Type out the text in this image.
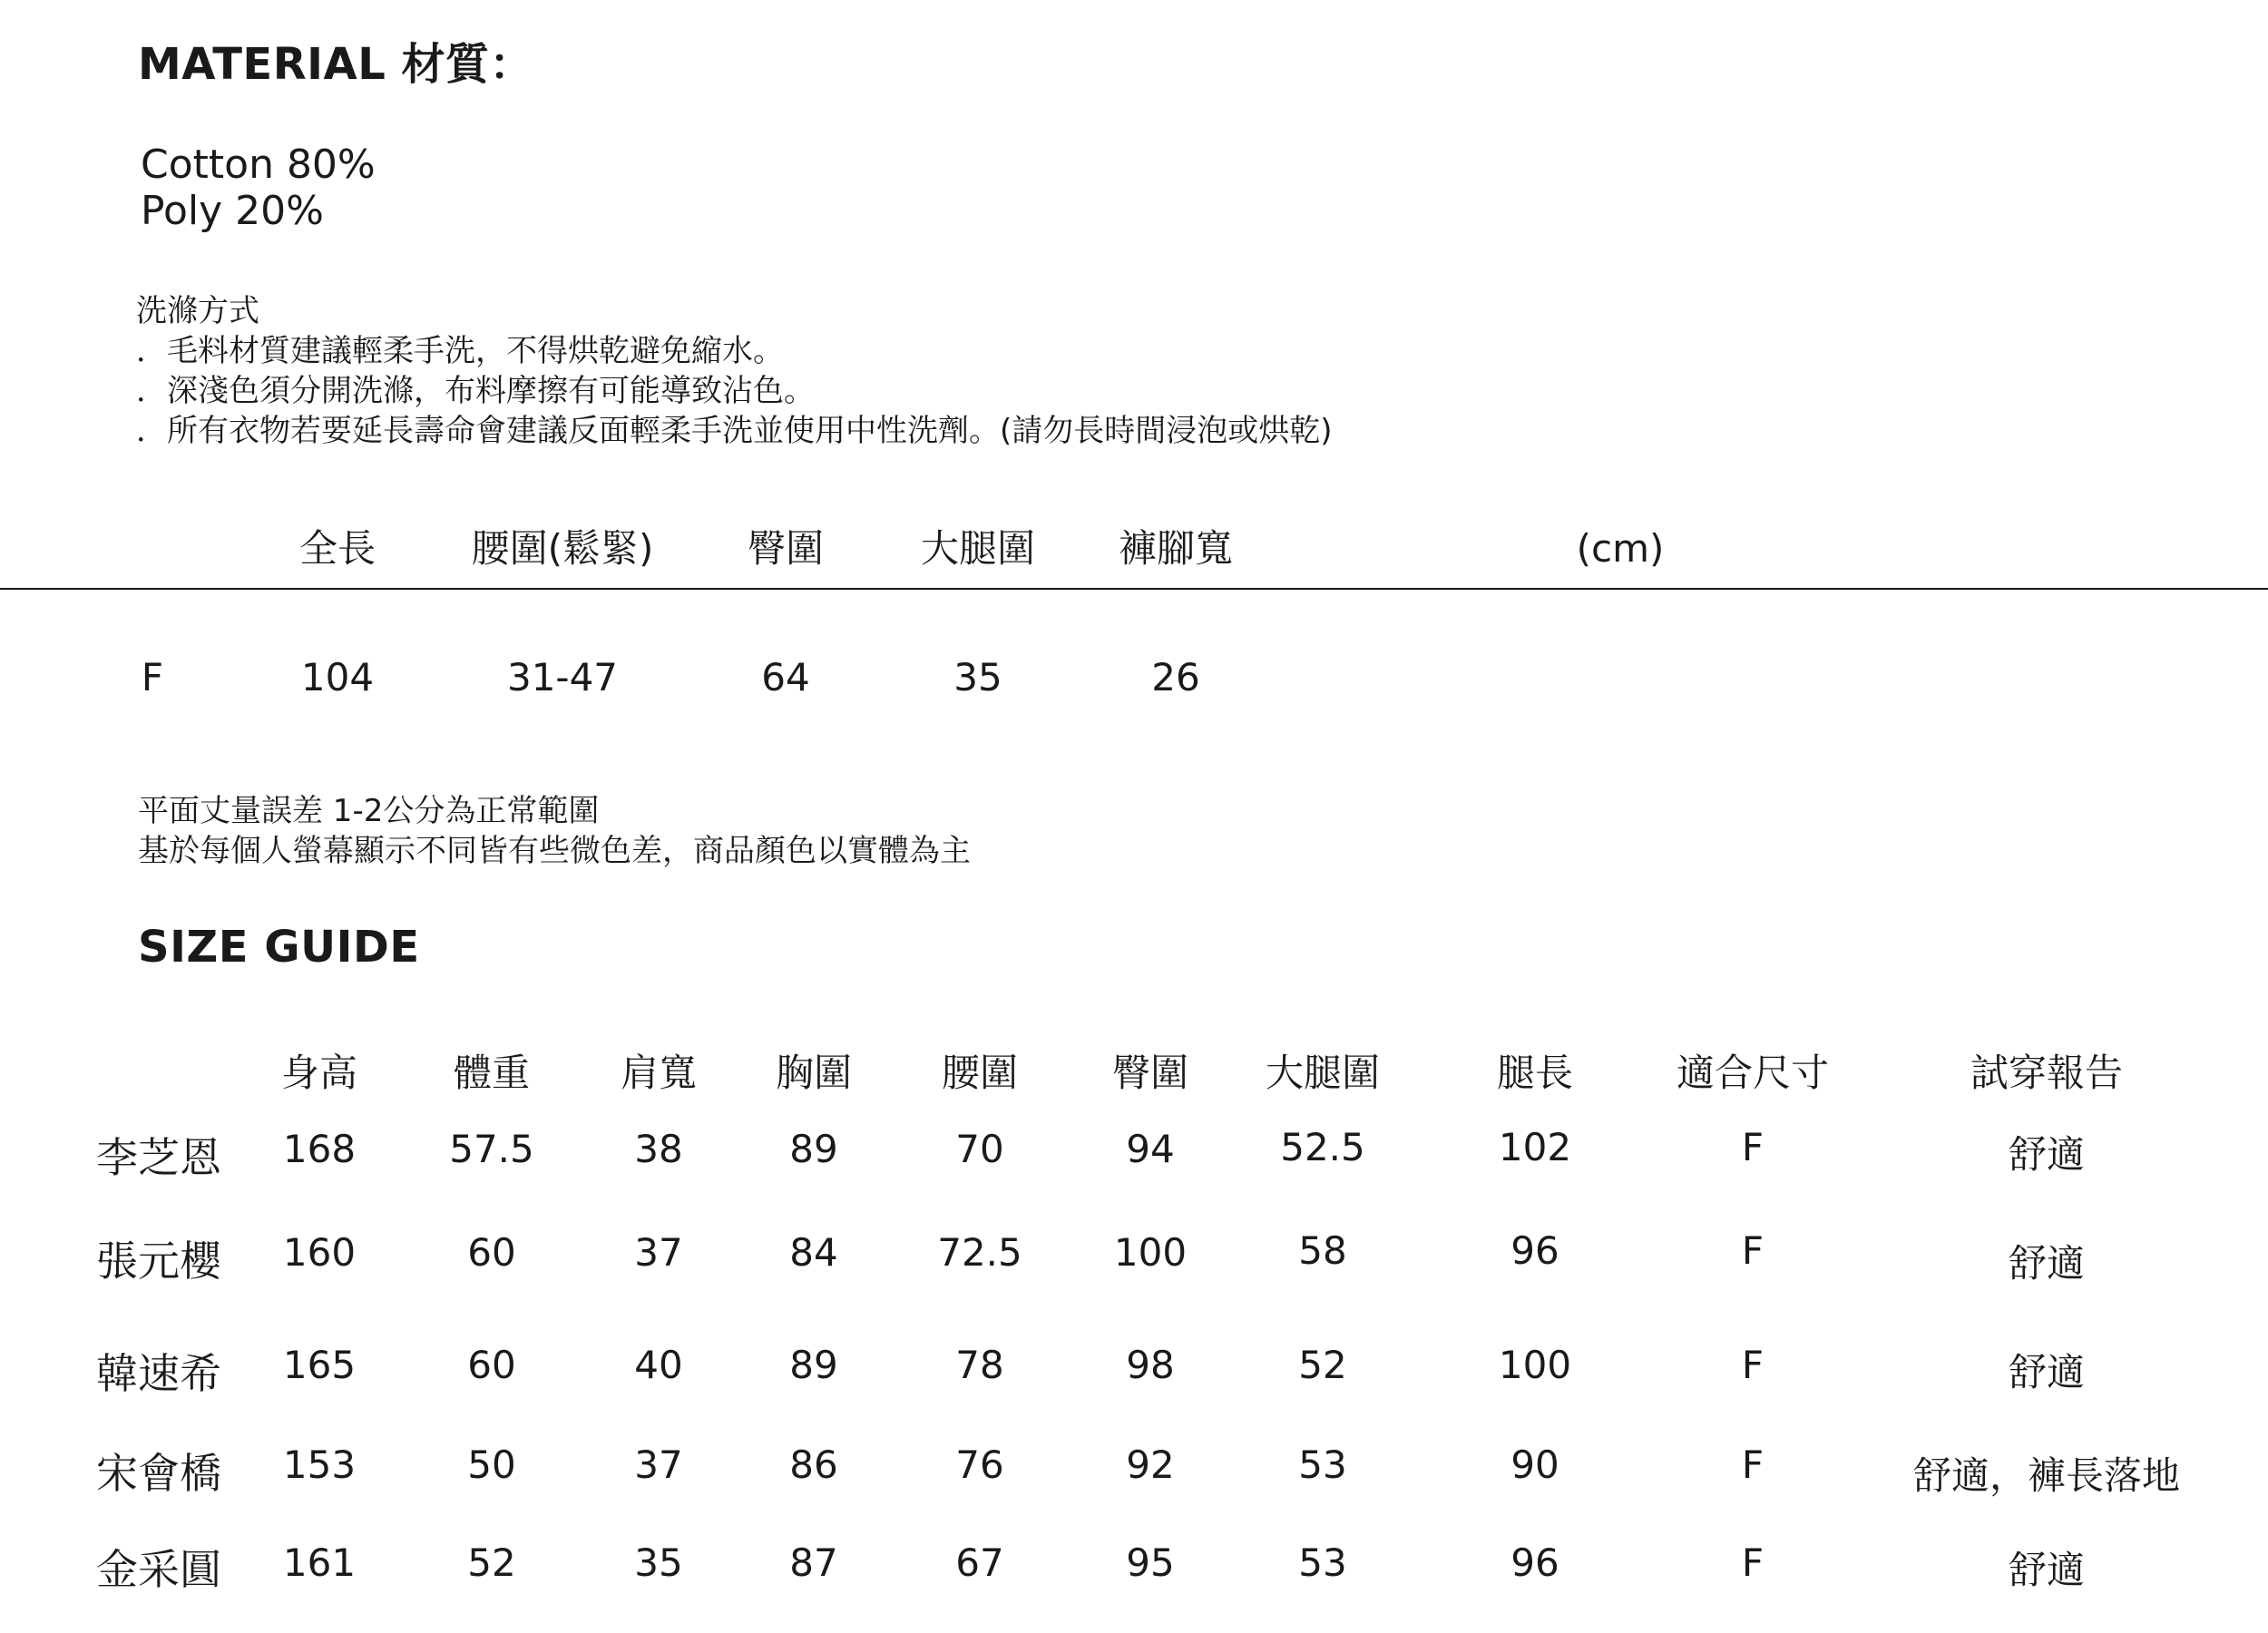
MATERIAL 材質：
Cotton 80%
Poly 20%
洗滌方式
．毛料材質建議輕柔手洗，不得烘乾避免縮水。
．深淺色須分開洗滌，布料摩擦有可能導致沾色。
．所有衣物若要延長壽命會建議反面輕柔手洗並使用中性洗劑。(請勿長時間浸泡或烘乾)
全長	腰圍(鬆緊) 臀圍	大腿圍 褲腳寬	(cm)
F	104	31-47	64	35	26
平面丈量誤差 1-2公分為正常範圍
基於每個人螢幕顯示不同皆有些微色差，商品顏色以實體為主
SIZE GUIDE
身高	體重 肩寬 胸圍 腰圍 臀圍 大腿圍	腿長	適合尺寸	試穿報告
李芝恩 168 57.5	38	89	70	94	52.5	102	F	舒適
張元櫻 160	60	37	84	72.5 100	58	96	F	舒適
韓速希 165	60	40	89	78	98	52	100	F	舒適
宋會橋 153	50	37	86	76	92	53	90	F	舒適，褲長落地
金采圓 161	52	35	87	67	95	53	96	F	舒適
